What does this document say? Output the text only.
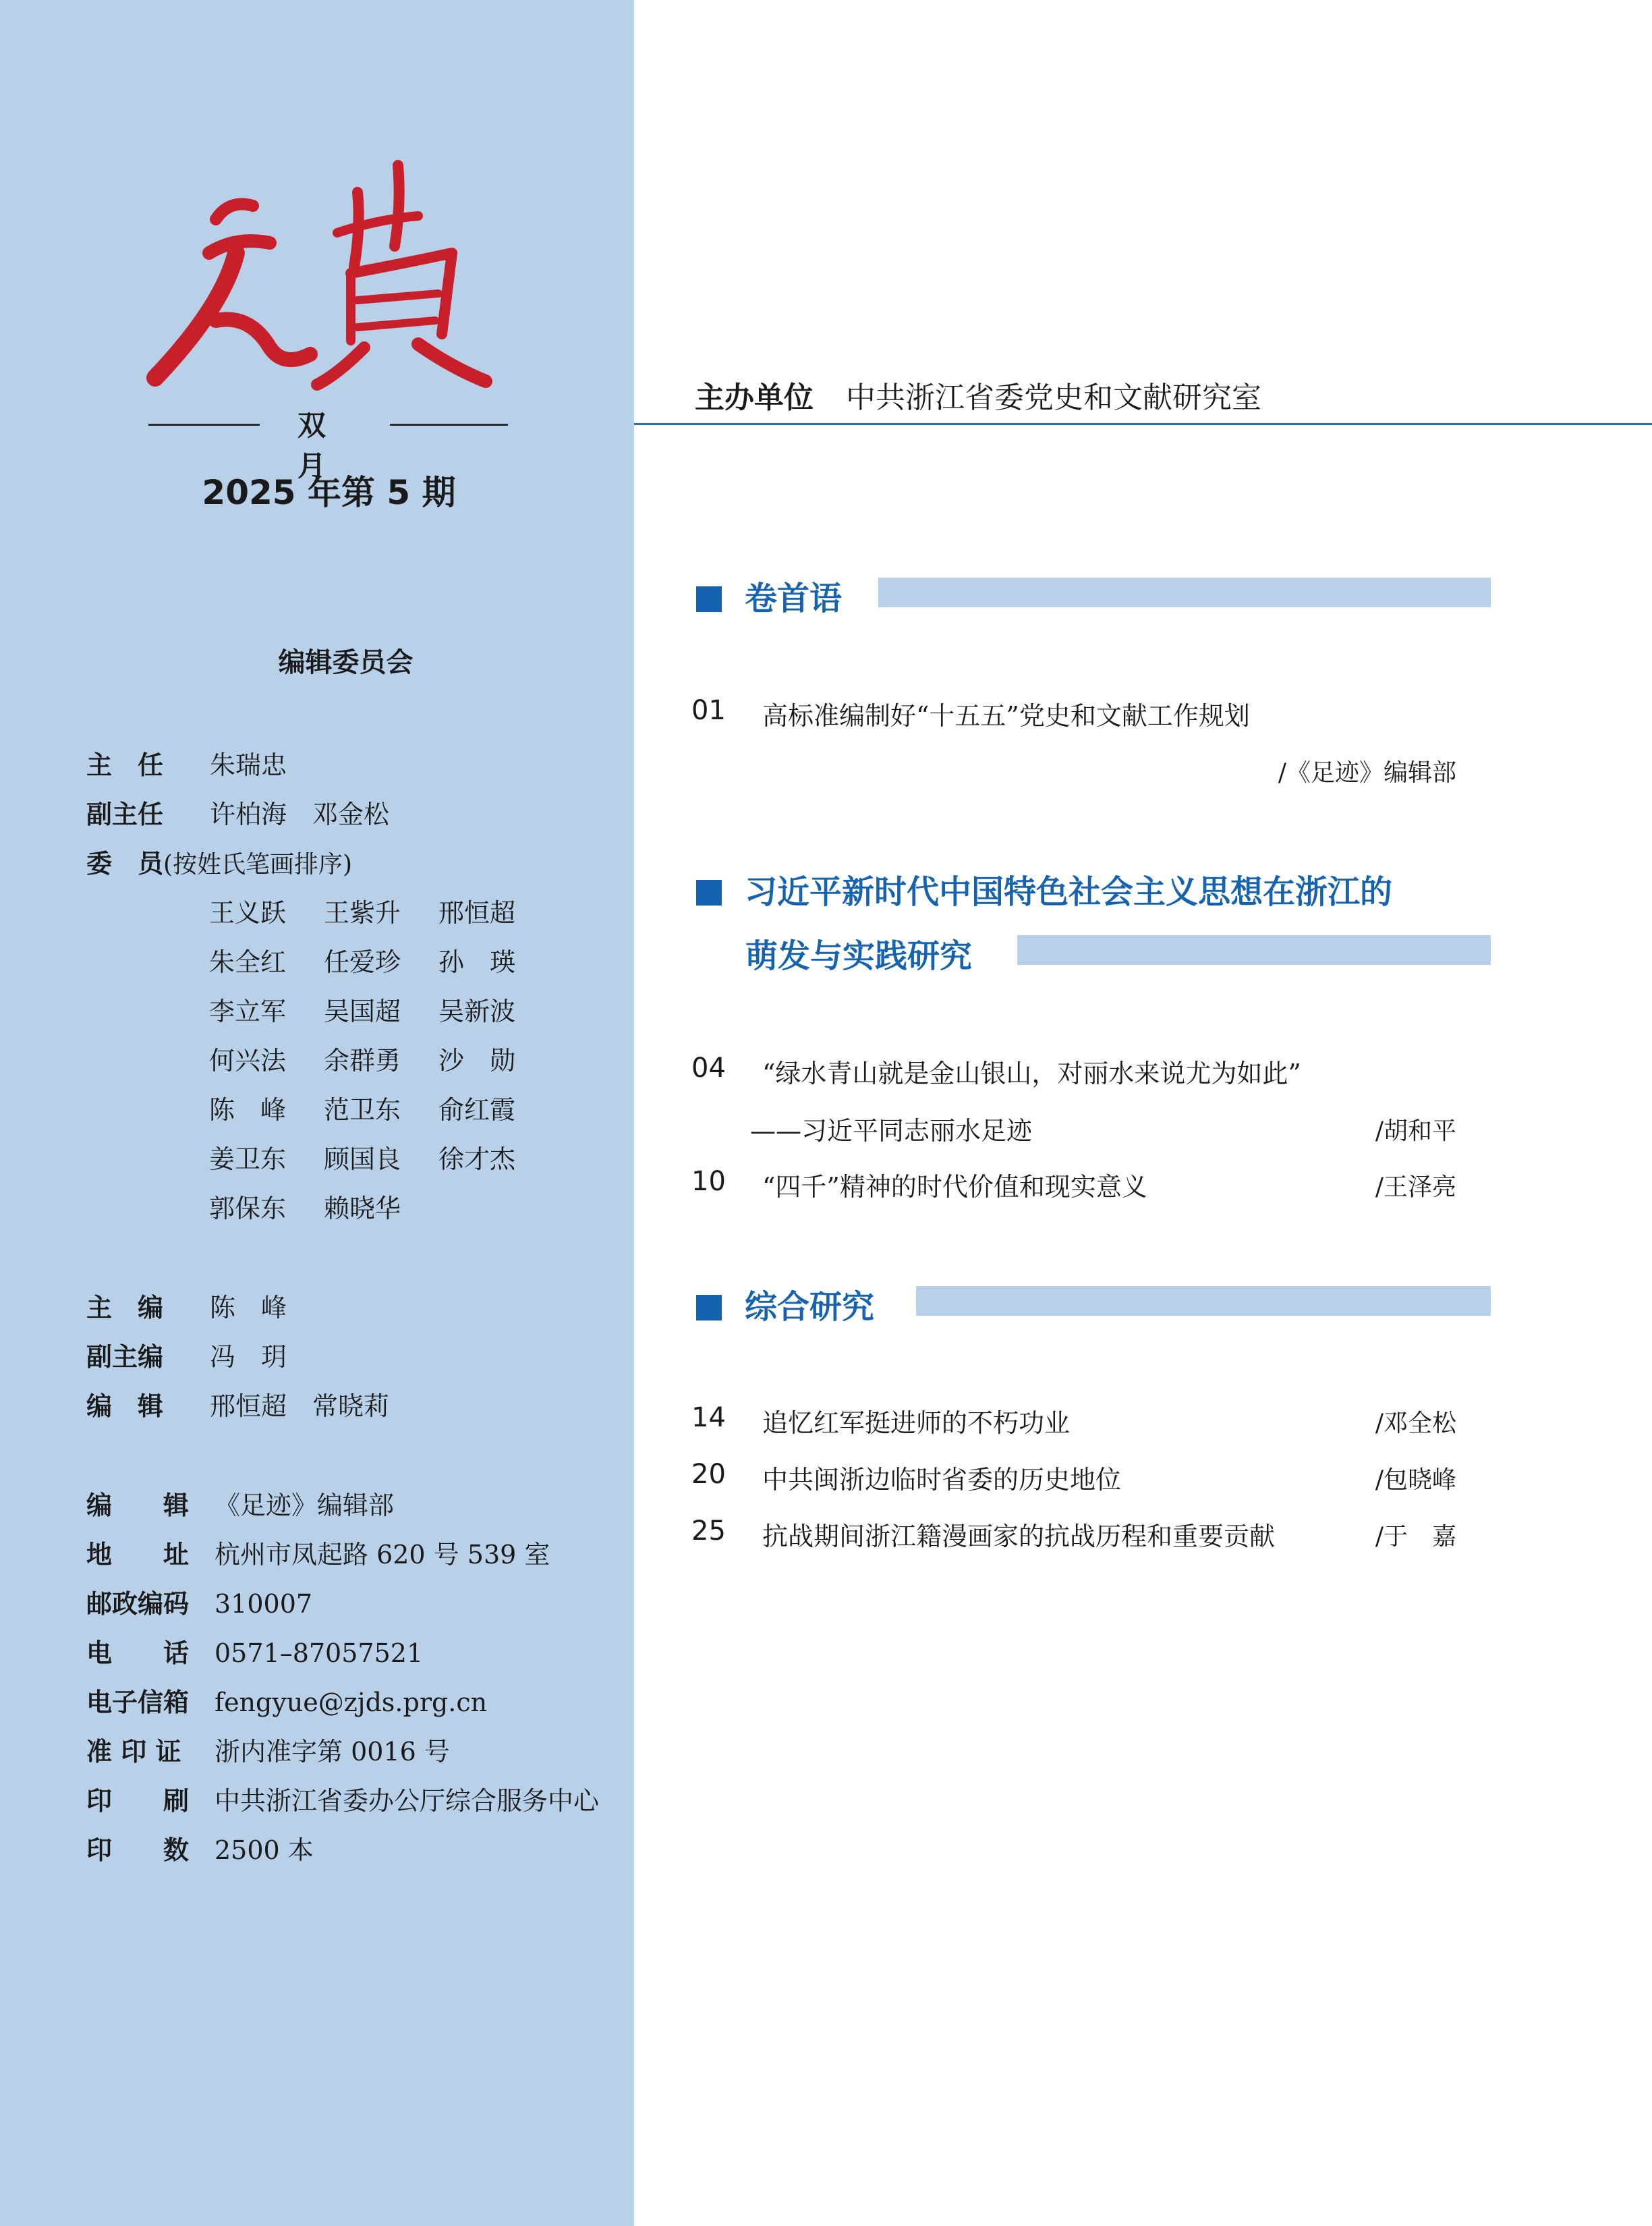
双 月
2025 年第 5 期
编辑委员会
主　任 朱瑞忠
副主任 许柏海　邓金松
委　员(按姓氏笔画排序)
王义跃 王紫升 邢恒超
朱全红 任爱珍 孙　瑛
李立军 吴国超 吴新波
何兴法 余群勇 沙　勋
陈　峰 范卫东 俞红霞
姜卫东 顾国良 徐才杰
郭保东 赖晓华
主　编 陈　峰
副主编 冯　玥
编　辑 邢恒超　常晓莉
编　　辑 《足迹》编辑部
地　　址 杭州市凤起路 620 号 539 室
邮政编码 310007
电　　话 0571–87057521
电子信箱 fengyue@zjds.prg.cn
准 印 证 浙内准字第 0016 号
印　　刷 中共浙江省委办公厅综合服务中心
印　　数 2500 本
主办单位 中共浙江省委党史和文献研究室
卷首语
01 高标准编制好“十五五”党史和文献工作规划
/《足迹》编辑部
习近平新时代中国特色社会主义思想在浙江的
萌发与实践研究
04 “绿水青山就是金山银山，对丽水来说尤为如此”
——习近平同志丽水足迹	/胡和平
10 “四千”精神的时代价值和现实意义	/王泽亮
综合研究
14 追忆红军挺进师的不朽功业	/邓全松
20 中共闽浙边临时省委的历史地位	/包晓峰
25 抗战期间浙江籍漫画家的抗战历程和重要贡献	/于　嘉
